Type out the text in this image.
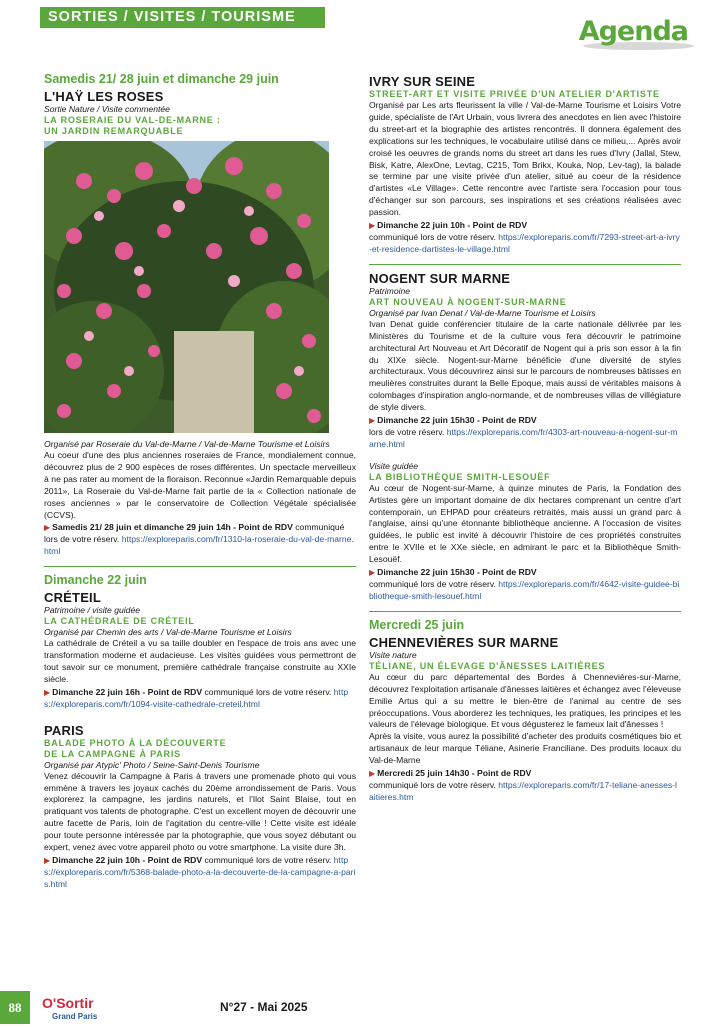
SORTIES / VISITES / TOURISME	Agenda
Samedis 21/ 28 juin et dimanche 29 juin
L'HAŸ LES ROSES
Sortie Nature / Visite commentée
LA ROSERAIE DU VAL-DE-MARNE :
UN JARDIN REMARQUABLE
Organisé par Roseraie du Val-de-Marne / Val-de-Marne Tourisme et Loisirs

Au coeur d'une des plus anciennes roseraies de France, mondialement connue, découvrez plus de 2 900 espèces de roses différentes. Un spectacle merveilleux à ne pas rater au moment de la floraison. Reconnue «Jardin Remarquable depuis 2011», La Roseraie du Val-de-Marne fait partie de la « Collection nationale de roses anciennes » par le conservatoire de Collection Végétale spécialisée (CCVS).

▶ Samedis 21/ 28 juin et dimanche 29 juin 14h - Point de RDV communiqué lors de votre réserv. https://exploreparis.com/fr/1310-la-roseraie-du-val-de-marne.html
Dimanche 22 juin
CRÉTEIL
Patrimoine / visite guidée
LA CATHÉDRALE DE CRÉTEIL
Organisé par Chemin des arts / Val-de-Marne Tourisme et Loisirs

La cathédrale de Créteil a vu sa taille doubler en l'espace de trois ans avec une transformation moderne et audacieuse. Les visites guidées vous permettront de tout savoir sur ce monument, première cathédrale française construite au XXIe siècle.

▶ Dimanche 22 juin 16h - Point de RDV communiqué lors de votre réserv. https://exploreparis.com/fr/1094-visite-cathedrale-creteil.html
PARIS
BALADE PHOTO À LA DÉCOUVERTE
DE LA CAMPAGNE À PARIS
Organisé par Atypic' Photo / Seine-Saint-Denis Tourisme

Venez découvrir la Campagne à Paris à travers une promenade photo qui vous emmène à travers les joyaux cachés du 20ème arrondissement de Paris. Vous explorerez la campagne, les jardins naturels, et l'Ilot Saint Blaise, tout en pratiquant vos talents de photographe. C'est un excellent moyen de découvrir une autre facette de Paris, loin de l'agitation du centre-ville ! Cette visite est idéale pour toute personne intéressée par la photographie, que vous soyez débutant ou expert, venez avec votre appareil photo ou votre smartphone. La visite dure 3h.

▶ Dimanche 22 juin 10h - Point de RDV communiqué lors de votre réserv. https://exploreparis.com/fr/5368-balade-photo-a-la-decouverte-de-la-campagne-a-paris.html
IVRY SUR SEINE
STREET-ART ET VISITE PRIVÉE D'UN ATELIER D'ARTISTE

Organisé par Les arts fleurissent la ville / Val-de-Marne Tourisme et Loisirs Votre guide, spécialiste de l'Art Urbain, vous livrera des anecdotes en lien avec l'histoire du street-art et la biographie des artistes rencontrés. Il donnera également des explications sur les techniques, le vocabulaire utilisé dans ce milieu,... Après avoir croisé les oeuvres de grands noms du street art dans les rues d'Ivry (Jallal, Stew, Bisk, Katre, AlexOne, Levtag, C215, Tom Brikx, Kouka, Nop, Lev-tag), la balade se termine par une visite privée d'un atelier, situé au coeur de la résidence d'artistes «Le Village». Cette rencontre avec l'artiste sera l'occasion pour tous d'échanger sur son parcours, ses inspirations et ses créations réalisées avec passion.

▶ Dimanche 22 juin 10h - Point de RDV
communiqué lors de votre réserv. https://exploreparis.com/fr/7293-street-art-a-ivry-et-residence-dartistes-le-village.html
NOGENT SUR MARNE
Patrimoine
ART NOUVEAU À NOGENT-SUR-MARNE
Organisé par Ivan Denat / Val-de-Marne Tourisme et Loisirs

Ivan Denat guide conférencier titulaire de la carte nationale délivrée par les Ministères du Tourisme et de la culture vous fera découvrir le patrimoine architectural Art Nouveau et Art Décoratif de Nogent qui a pris son essor à la fin du XIXe siècle. Nogent-sur-Marne bénéficie d'une diversité de styles architecturaux. Vous découvrirez ainsi sur le parcours de nombreuses bâtisses en meulières construites durant la Belle Epoque, mais aussi de véritables maisons à colombages d'inspiration anglo-normande, et de nombreuses villas de villégiature de style divers.

▶ Dimanche 22 juin 15h30 - Point de RDV
lors de votre réserv. https://exploreparis.com/fr/4303-art-nouveau-a-nogent-sur-marne.html
Visite guidée
LA BIBLIOTHÈQUE SMITH-LESOUËF

Au cœur de Nogent-sur-Marne, à quinze minutes de Paris, la Fondation des Artistes gère un important domaine de dix hectares comprenant un centre d'art contemporain, un EHPAD pour créateurs retraités, mais aussi un grand parc à l'anglaise, ainsi qu'une étonnante bibliothèque ancienne. A l'occasion de visites guidées, le public est invité à découvrir l'histoire de ces propriétés construites entre le XVIIe et le XXe siècle, en admirant le parc et la Bibliothèque Smith-Lesouëf.

▶ Dimanche 22 juin 15h30 - Point de RDV
communiqué lors de votre réserv. https://exploreparis.com/fr/4642-visite-guidee-bibliotheque-smith-lesouef.html
Mercredi 25 juin
CHENNEVIÈRES SUR MARNE
Visite nature
TÉLIANE, UN ÉLEVAGE D'ÂNESSES LAITIÈRES

Au cœur du parc départemental des Bordes à Chennevières-sur-Marne, découvrez l'exploitation artisanale d'ânesses laitières et échangez avec l'éleveuse Emilie Artus qui a su mettre le bien-être de l'animal au centre de ses préoccupations. Vous aborderez les techniques, les pratiques, les principes et les valeurs de l'élevage biologique. Et vous dégusterez le fameux lait d'ânesses !

Après la visite, vous aurez la possibilité d'acheter des produits cosmétiques bio et artisanaux de leur marque Téliane, Asinerie Franciliane. Des produits locaux du Val-de-Marne

▶ Mercredi 25 juin 14h30 - Point de RDV
communiqué lors de votre réserv. https://exploreparis.com/fr/17-teliane-anesses-laitieres.htm
88	O'Sortir
Grand Paris
N°27 - Mai 2025
